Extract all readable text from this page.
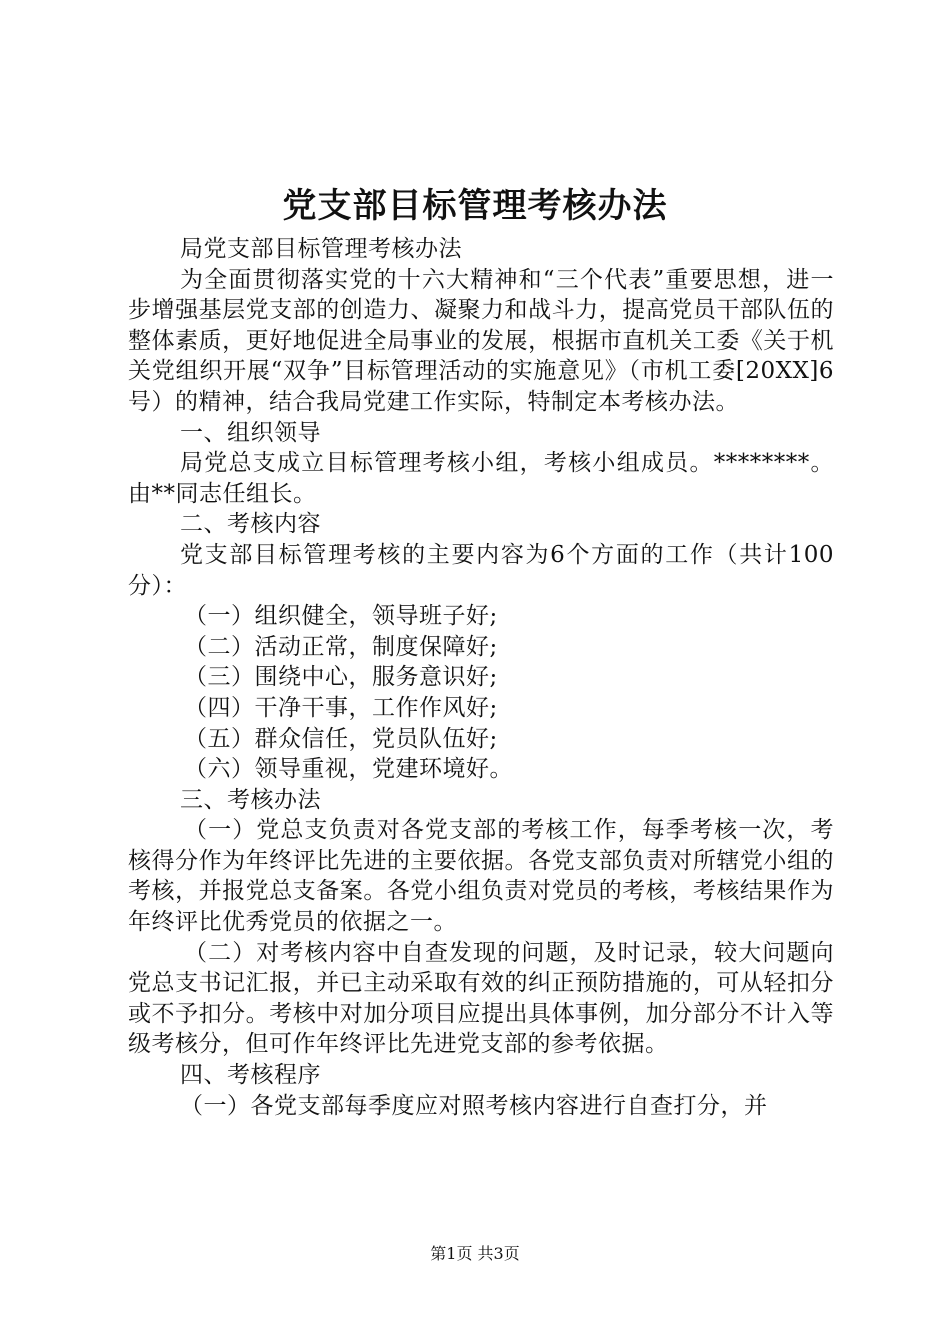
党支部目标管理考核办法

局党支部目标管理考核办法

为全面贯彻落实党的十六大精神和“三个代表”重要思想，进一步增强基层党支部的创造力、凝聚力和战斗力，提高党员干部队伍的整体素质，更好地促进全局事业的发展，根据市直机关工委《关于机关党组织开展“双争”目标管理活动的实施意见》（市机工委[20XX]6号）的精神，结合我局党建工作实际，特制定本考核办法。

一、组织领导

局党总支成立目标管理考核小组，考核小组成员。********。由**同志任组长。

二、考核内容

党支部目标管理考核的主要内容为6个方面的工作（共计100分）：

（一）组织健全，领导班子好;

（二）活动正常，制度保障好;

（三）围绕中心，服务意识好;

（四）干净干事，工作作风好;

（五）群众信任，党员队伍好;

（六）领导重视，党建环境好。

三、考核办法

（一）党总支负责对各党支部的考核工作，每季考核一次，考核得分作为年终评比先进的主要依据。各党支部负责对所辖党小组的考核，并报党总支备案。各党小组负责对党员的考核，考核结果作为年终评比优秀党员的依据之一。

（二）对考核内容中自查发现的问题，及时记录，较大问题向党总支书记汇报，并已主动采取有效的纠正预防措施的，可从轻扣分或不予扣分。考核中对加分项目应提出具体事例，加分部分不计入等级考核分，但可作年终评比先进党支部的参考依据。

四、考核程序

（一）各党支部每季度应对照考核内容进行自查打分，并

第1页 共3页
